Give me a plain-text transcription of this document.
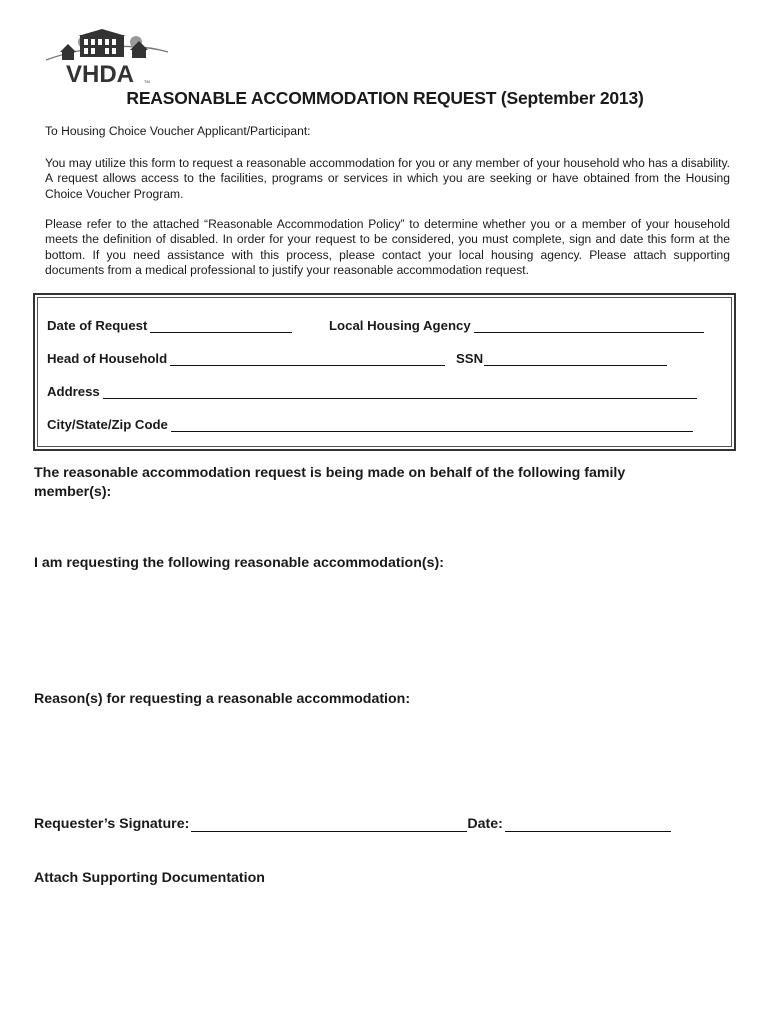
VHDA TM
REASONABLE ACCOMMODATION REQUEST (September 2013)

To Housing Choice Voucher Applicant/Participant:

You may utilize this form to request a reasonable accommodation for you or any member of your household who has a disability. A request allows access to the facilities, programs or services in which you are seeking or have obtained from the Housing Choice Voucher Program.

Please refer to the attached “Reasonable Accommodation Policy” to determine whether you or a member of your household meets the definition of disabled. In order for your request to be considered, you must complete, sign and date this form at the bottom. If you need assistance with this process, please contact your local housing agency. Please attach supporting documents from a medical professional to justify your reasonable accommodation request.

Date of Request	Local Housing Agency
Head of Household	SSN
Address
City/State/Zip Code

The reasonable accommodation request is being made on behalf of the following family member(s):

I am requesting the following reasonable accommodation(s):

Reason(s) for requesting a reasonable accommodation:

Requester’s Signature:	Date:

Attach Supporting Documentation
